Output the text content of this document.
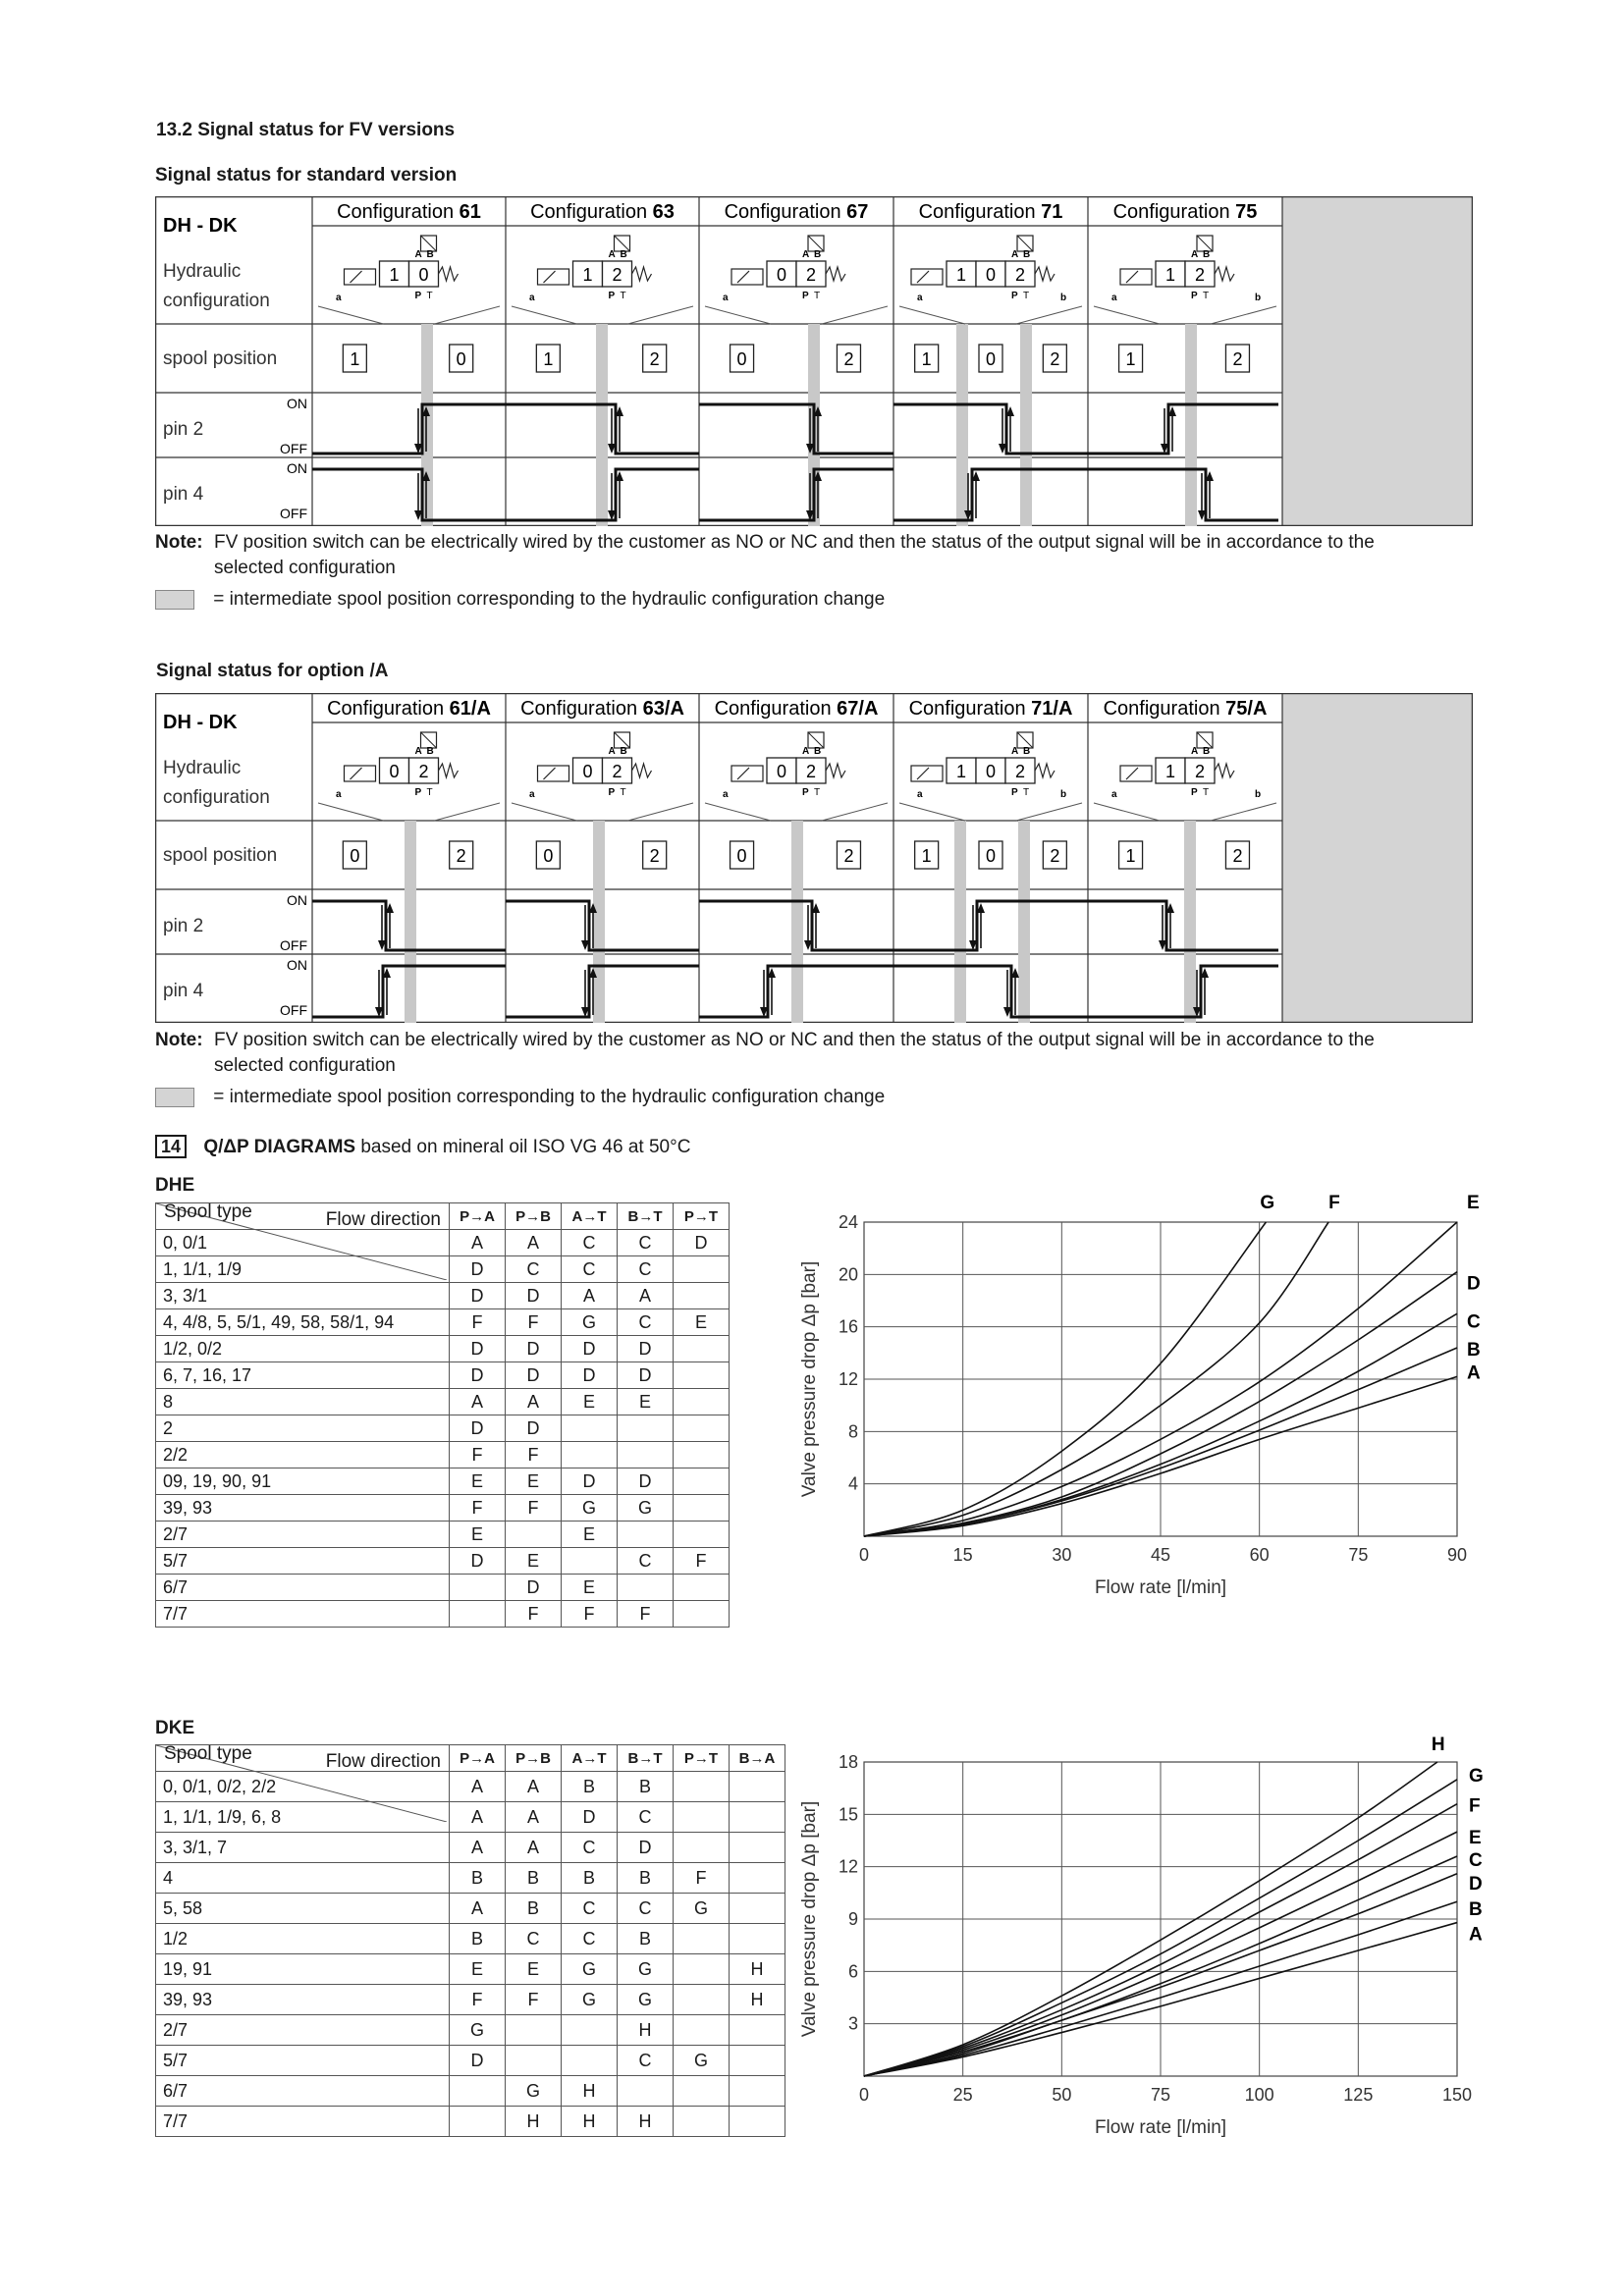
13.2 Signal status for FV versions
Signal status for standard version
DH - DK
Hydraulic
configuration
spool position
pin 2
pin 4
ON
OFF
ON
OFF
Configuration 61
1 0
A B
P T
a
1	0
Configuration 63
1 2
A B
P T
a
1	2
Configuration 67
0 2
A B
P T
a
0	2
Configuration 71
1 0 2
A B
P T
a	b
1	0	2
Configuration 75
1 2
A B
P T
a	b
1	2
Note: FV position switch can be electrically wired by the customer as NO or NC and then the status of the output signal will be in accordance to the
selected configuration
= intermediate spool position corresponding to the hydraulic configuration change
Signal status for option /A
DH - DK
Hydraulic
configuration
spool position
pin 2
pin 4
ON
OFF
ON
OFF
Configuration 61/A
0 2
A B
P T
a
0	2
Configuration 63/A
0 2
A B
P T
a
0	2
Configuration 67/A
0 2
A B
P T
a
0	2
Configuration 71/A
1 0 2
A B
P T
a	b
1	0	2
Configuration 75/A
1 2
A B
P T
a	b
1	2
Note: FV position switch can be electrically wired by the customer as NO or NC and then the status of the output signal will be in accordance to the
selected configuration
= intermediate spool position corresponding to the hydraulic configuration change
14 Q/ΔP DIAGRAMS based on mineral oil ISO VG 46 at 50°C
DHE
Flow direction
Spool type	P→A	P→B	A→T	B→T	P→T
0, 0/1	A	A	C	C	D
1, 1/1, 1/9	D	C	C	C	
3, 3/1	D	D	A	A	
4, 4/8, 5, 5/1, 49, 58, 58/1, 94	F	F	G	C	E
1/2, 0/2	D	D	D	D	
6, 7, 16, 17	D	D	D	D	
8	A	A	E	E	
2	D	D			
2/2	F	F			
09, 19, 90, 91	E	E	D	D	
39, 93	F	F	G	G	
2/7	E		E		
5/7	D	E		C	F
6/7		D	E		
7/7		F	F	F	
0	15	30	45	60	75	90
4
8
12
16
20
24
Flow rate [l/min]
Valve pressure drop Δp [bar]	A
B
C
D
E
F
G
DKE
Flow direction
Spool type	P→A	P→B	A→T	B→T	P→T	B→A
0, 0/1, 0/2, 2/2	A	A	B	B		
1, 1/1, 1/9, 6, 8	A	A	D	C		
3, 3/1, 7	A	A	C	D		
4	B	B	B	B	F	
5, 58	A	B	C	C	G	
1/2	B	C	C	B		
19, 91	E	E	G	G		H
39, 93	F	F	G	G		H
2/7	G			H		
5/7	D			C	G	
6/7		G	H			
7/7		H	H	H		
0	25	50	75	100	125	150
3
6
9
12
15
18
Flow rate [l/min]
Valve pressure drop Δp [bar]	A
B
C
D
E
F
G
H
